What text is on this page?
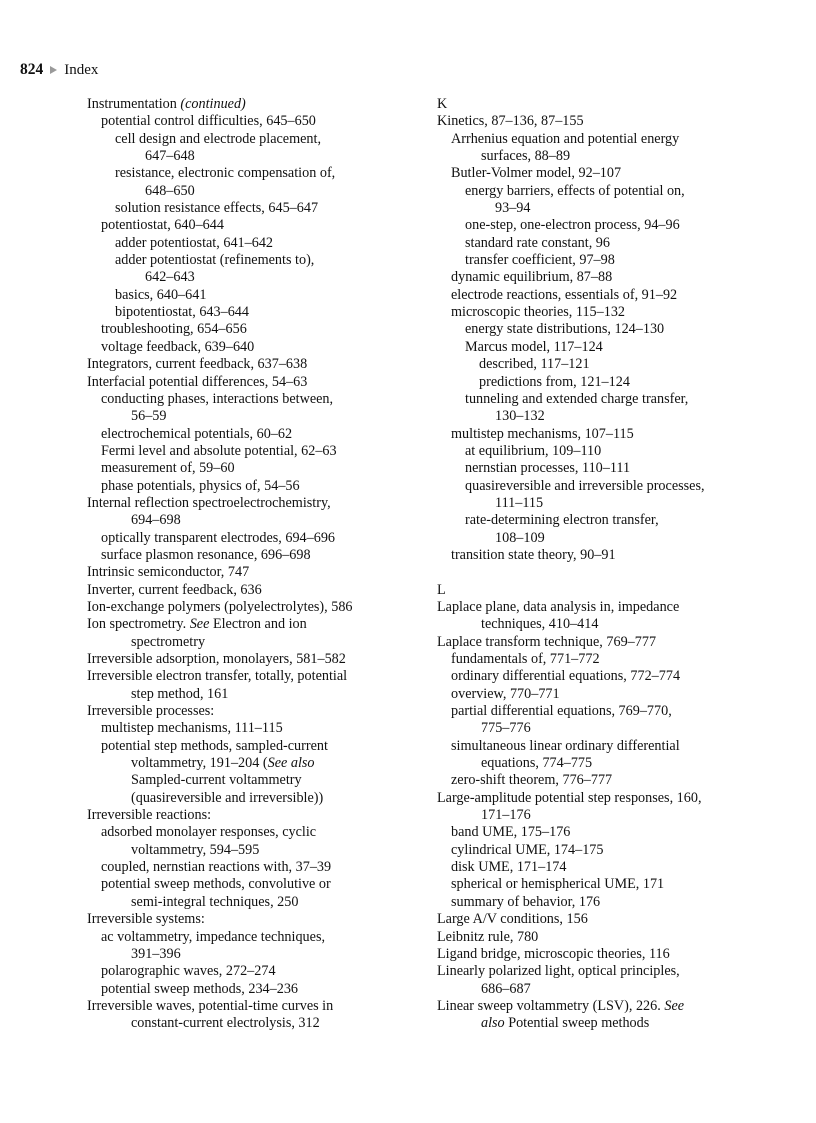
824 Index
Instrumentation (continued)
potential control difficulties, 645–650
cell design and electrode placement,
647–648
resistance, electronic compensation of,
648–650
solution resistance effects, 645–647
potentiostat, 640–644
adder potentiostat, 641–642
adder potentiostat (refinements to),
642–643
basics, 640–641
bipotentiostat, 643–644
troubleshooting, 654–656
voltage feedback, 639–640
Integrators, current feedback, 637–638
Interfacial potential differences, 54–63
conducting phases, interactions between,
56–59
electrochemical potentials, 60–62
Fermi level and absolute potential, 62–63
measurement of, 59–60
phase potentials, physics of, 54–56
Internal reflection spectroelectrochemistry,
694–698
optically transparent electrodes, 694–696
surface plasmon resonance, 696–698
Intrinsic semiconductor, 747
Inverter, current feedback, 636
Ion-exchange polymers (polyelectrolytes), 586
Ion spectrometry. See Electron and ion
spectrometry
Irreversible adsorption, monolayers, 581–582
Irreversible electron transfer, totally, potential
step method, 161
Irreversible processes:
multistep mechanisms, 111–115
potential step methods, sampled-current
voltammetry, 191–204 (See also
Sampled-current voltammetry
(quasireversible and irreversible))
Irreversible reactions:
adsorbed monolayer responses, cyclic
voltammetry, 594–595
coupled, nernstian reactions with, 37–39
potential sweep methods, convolutive or
semi-integral techniques, 250
Irreversible systems:
ac voltammetry, impedance techniques,
391–396
polarographic waves, 272–274
potential sweep methods, 234–236
Irreversible waves, potential-time curves in
constant-current electrolysis, 312
K
Kinetics, 87–136, 87–155
Arrhenius equation and potential energy
surfaces, 88–89
Butler-Volmer model, 92–107
energy barriers, effects of potential on,
93–94
one-step, one-electron process, 94–96
standard rate constant, 96
transfer coefficient, 97–98
dynamic equilibrium, 87–88
electrode reactions, essentials of, 91–92
microscopic theories, 115–132
energy state distributions, 124–130
Marcus model, 117–124
described, 117–121
predictions from, 121–124
tunneling and extended charge transfer,
130–132
multistep mechanisms, 107–115
at equilibrium, 109–110
nernstian processes, 110–111
quasireversible and irreversible processes,
111–115
rate-determining electron transfer,
108–109
transition state theory, 90–91
L
Laplace plane, data analysis in, impedance
techniques, 410–414
Laplace transform technique, 769–777
fundamentals of, 771–772
ordinary differential equations, 772–774
overview, 770–771
partial differential equations, 769–770,
775–776
simultaneous linear ordinary differential
equations, 774–775
zero-shift theorem, 776–777
Large-amplitude potential step responses, 160,
171–176
band UME, 175–176
cylindrical UME, 174–175
disk UME, 171–174
spherical or hemispherical UME, 171
summary of behavior, 176
Large A/V conditions, 156
Leibnitz rule, 780
Ligand bridge, microscopic theories, 116
Linearly polarized light, optical principles,
686–687
Linear sweep voltammetry (LSV), 226. See
also Potential sweep methods
